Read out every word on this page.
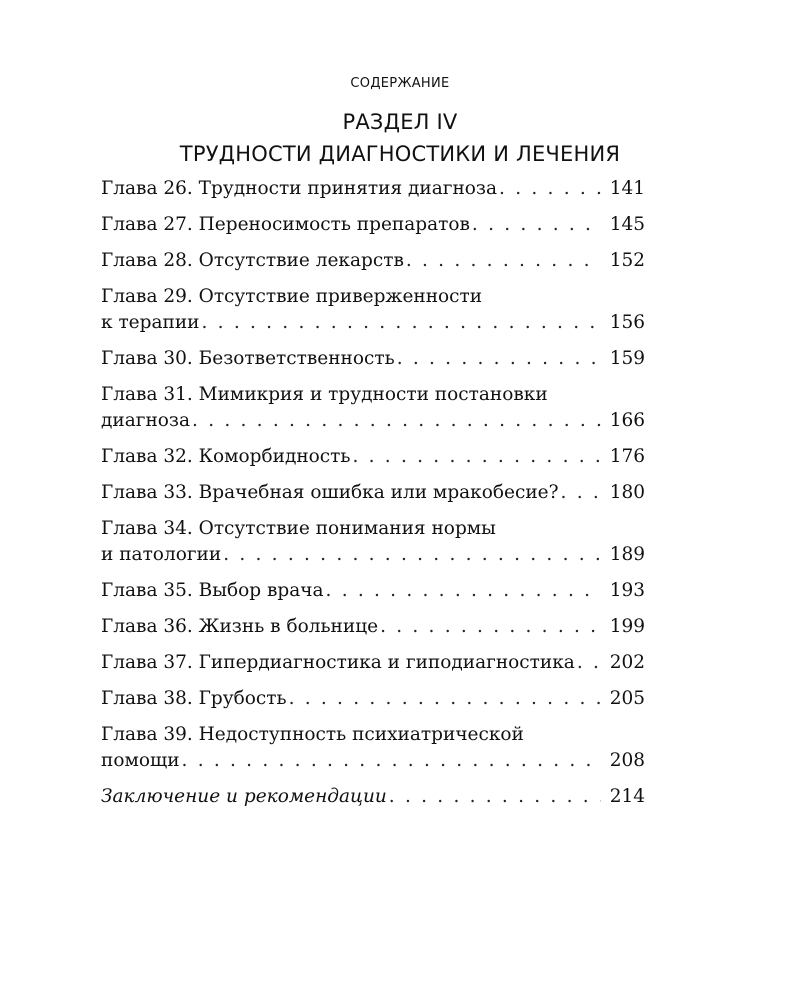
СОДЕРЖАНИЕ
РАЗДЕЛ IV
ТРУДНОСТИ ДИАГНОСТИКИ И ЛЕЧЕНИЯ
Глава 26. Трудности принятия диагноза . . .	141
Глава 27. Переносимость препаратов . . .	145
Глава 28. Отсутствие лекарств . . .	152
Глава 29. Отсутствие приверженности
к терапии . . .	156
Глава 30. Безответственность . . .	159
Глава 31. Мимикрия и трудности постановки
диагноза . . .	166
Глава 32. Коморбидность . . .	176
Глава 33. Врачебная ошибка или мракобесие? . . .	180
Глава 34. Отсутствие понимания нормы
и патологии . . .	189
Глава 35. Выбор врача . . .	193
Глава 36. Жизнь в больнице . . .	199
Глава 37. Гипердиагностика и гиподиагностика . . . 202
Глава 38. Грубость . . .	205
Глава 39. Недоступность психиатрической
помощи . . .	208
Заключение и рекомендации . . .	214
